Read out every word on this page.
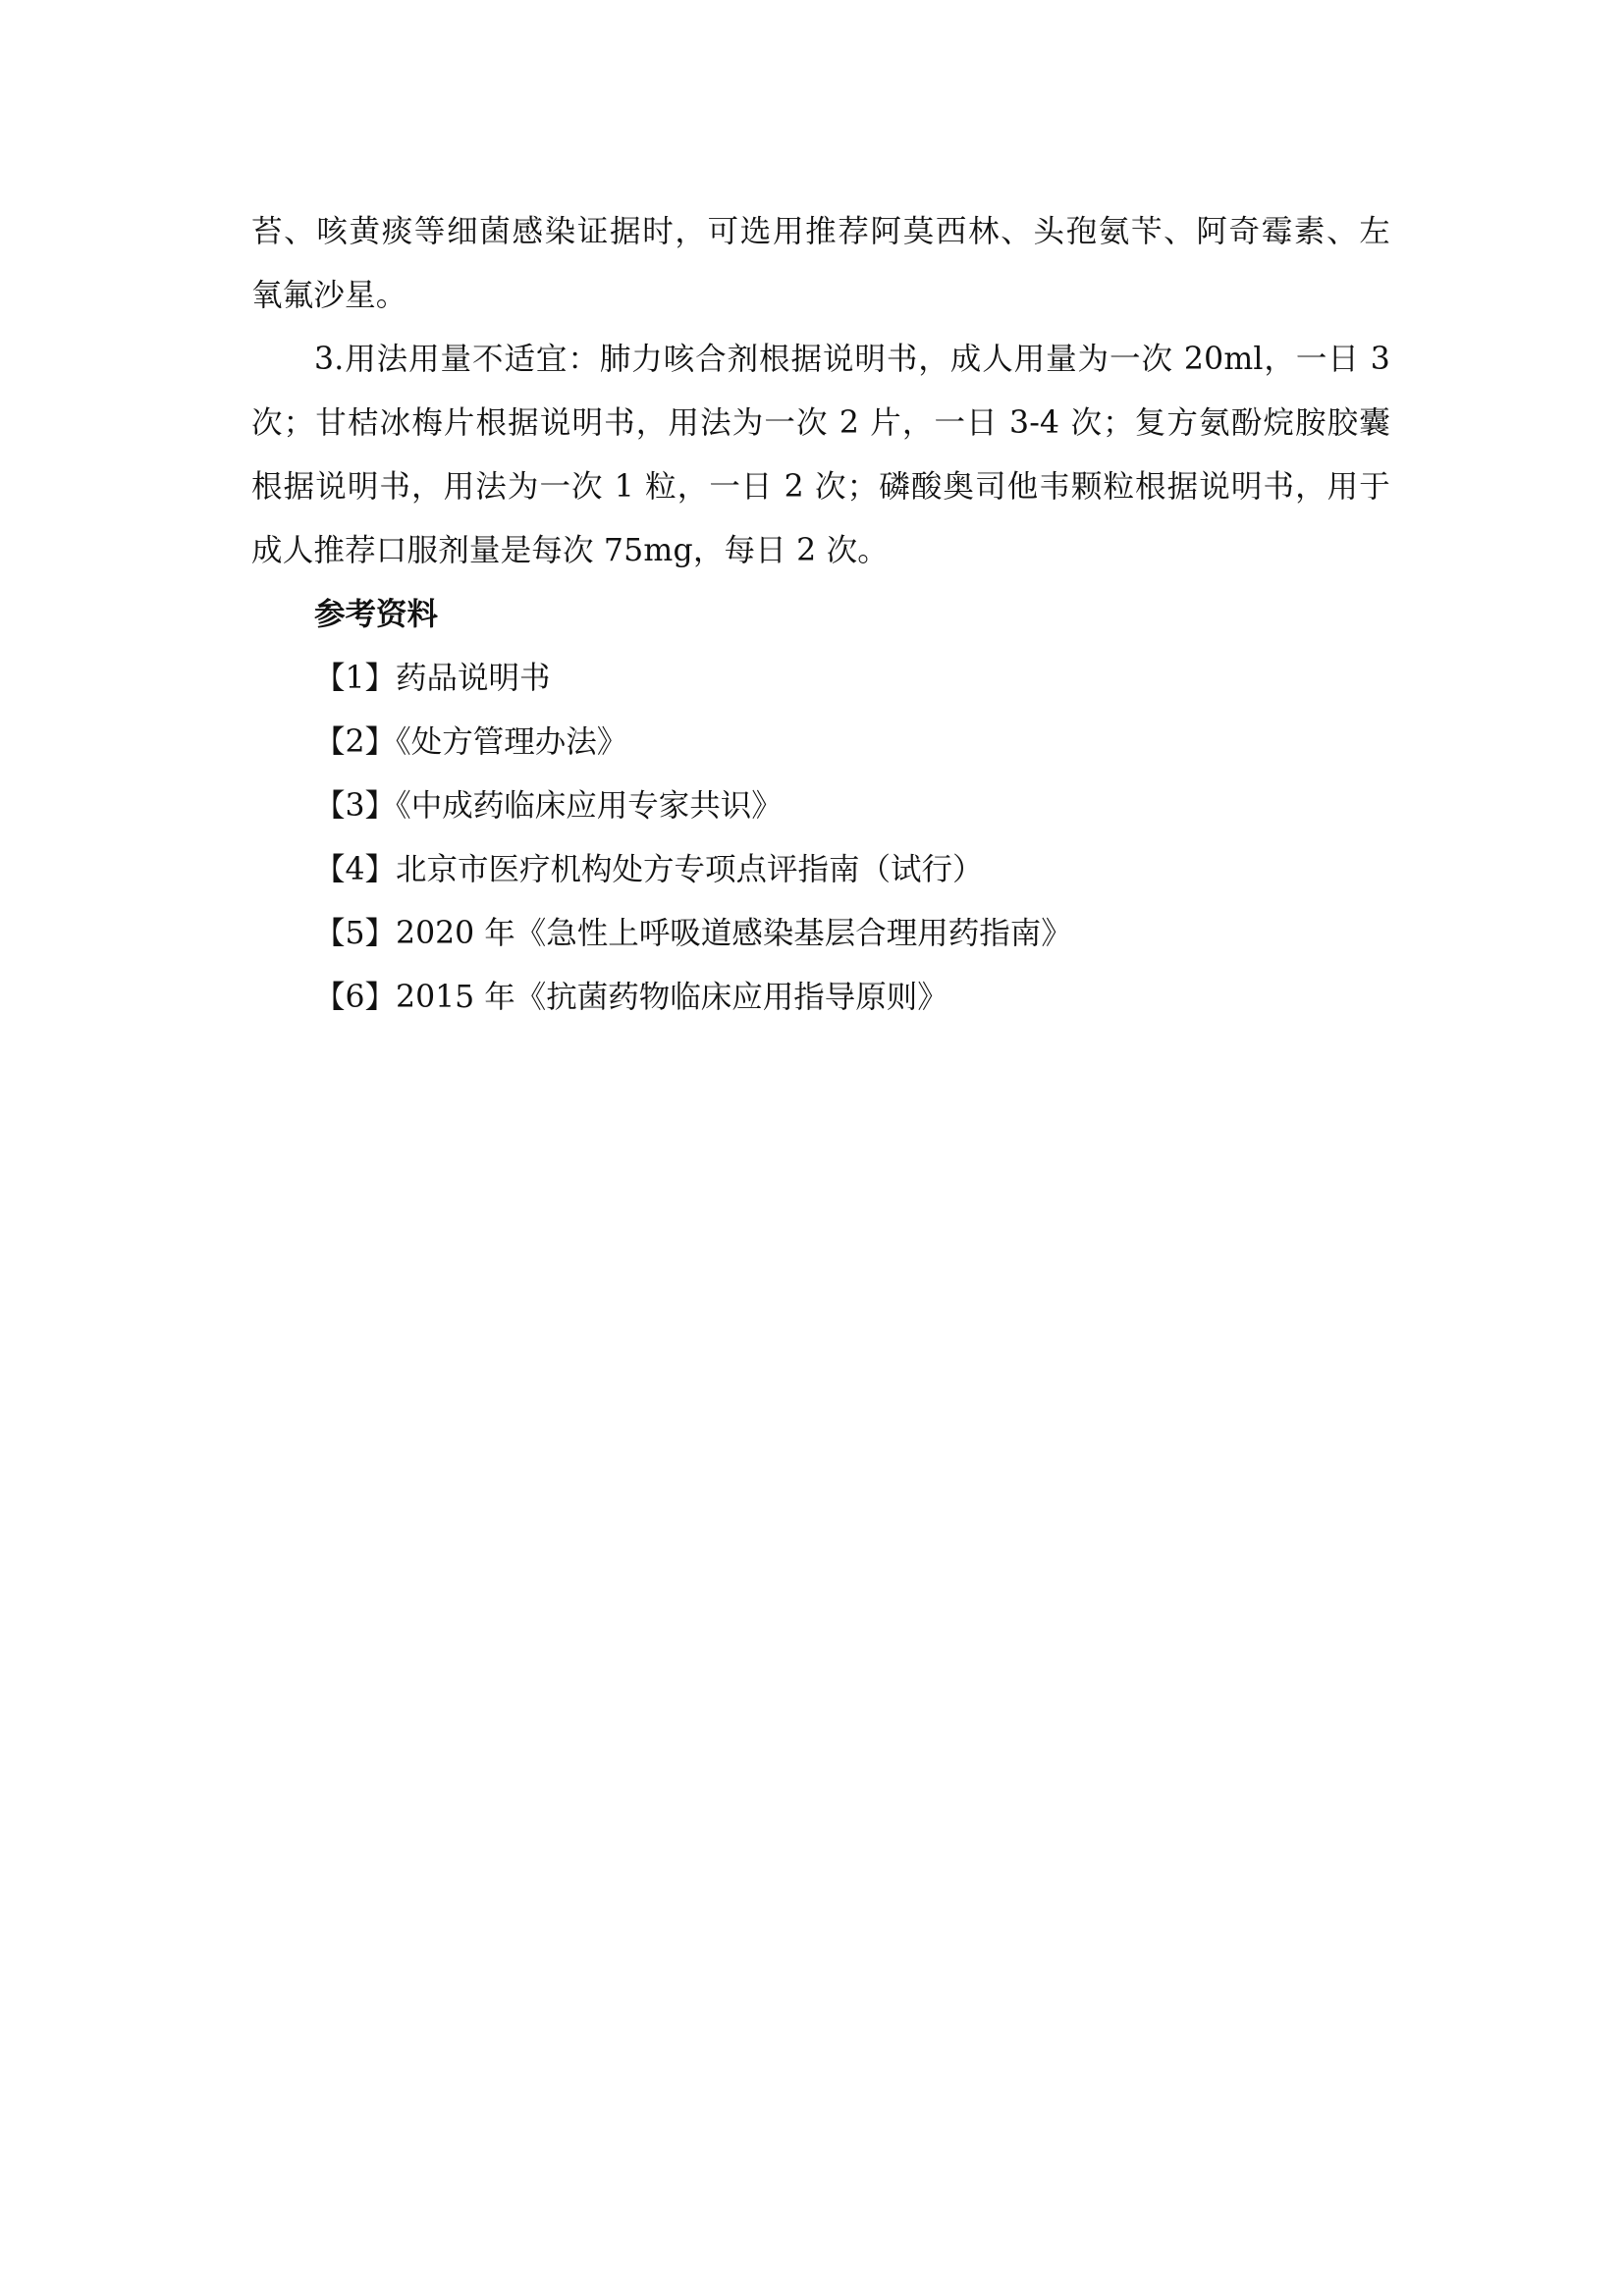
苔、咳黄痰等细菌感染证据时，可选用推荐阿莫西林、头孢氨苄、阿奇霉素、左
氧氟沙星。
3.用法用量不适宜：肺力咳合剂根据说明书，成人用量为一次 20ml，一日 3
次；甘桔冰梅片根据说明书，用法为一次 2 片，一日 3-4 次；复方氨酚烷胺胶囊
根据说明书，用法为一次 1 粒，一日 2 次；磷酸奥司他韦颗粒根据说明书，用于
成人推荐口服剂量是每次 75mg，每日 2 次。

参考资料

【1】药品说明书

【2】《处方管理办法》

【3】《中成药临床应用专家共识》

【4】北京市医疗机构处方专项点评指南（试行）

【5】2020 年《急性上呼吸道感染基层合理用药指南》

【6】2015 年《抗菌药物临床应用指导原则》
